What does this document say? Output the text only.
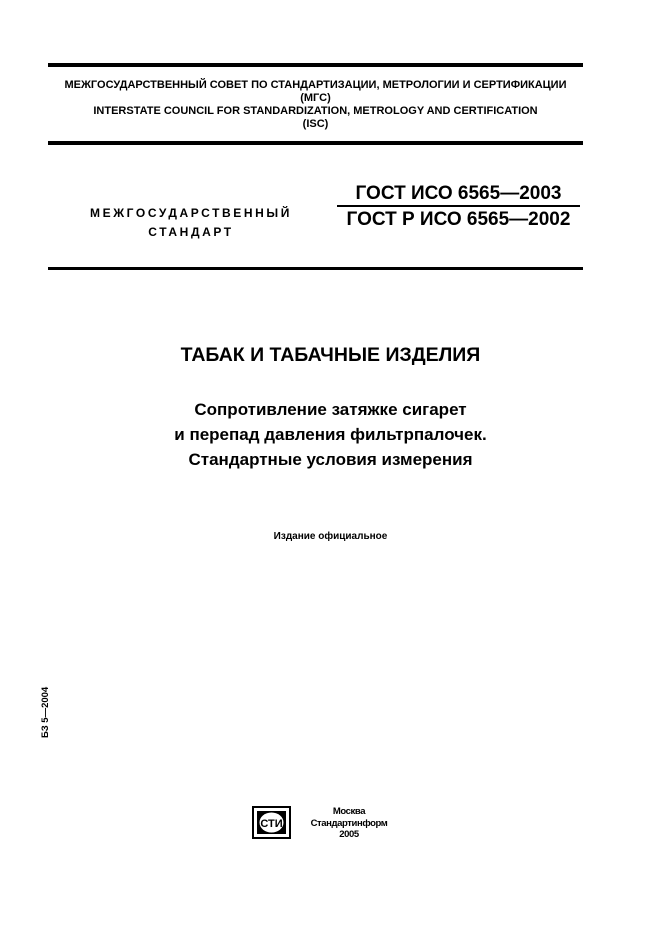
МЕЖГОСУДАРСТВЕННЫЙ СОВЕТ ПО СТАНДАРТИЗАЦИИ, МЕТРОЛОГИИ И СЕРТИФИКАЦИИ
(МГС)
INTERSTATE COUNCIL FOR STANDARDIZATION, METROLOGY AND CERTIFICATION
(ISC)
МЕЖГОСУДАРСТВЕННЫЙ
СТАНДАРТ
ГОСТ ИСО 6565—2003
ГОСТ Р ИСО 6565—2002
ТАБАК И ТАБАЧНЫЕ ИЗДЕЛИЯ
Сопротивление затяжке сигарет
и перепад давления фильтрпалочек.
Стандартные условия измерения
Издание официальное
БЗ 5—2004
СТИ
Москва
Стандартинформ
2005
